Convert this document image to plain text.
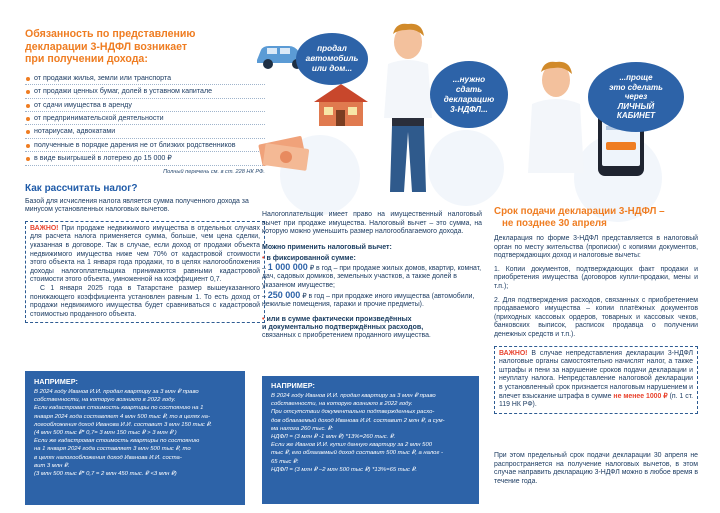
Обязанность по представлению
декларации 3-НДФЛ возникает
при получении дохода:
от продажи жилья, земли или транспорта
от продажи ценных бумаг, долей в уставном капитале
от сдачи имущества в аренду
от предпринимательской деятельности
нотариусам, адвокатами
полученные в порядке дарения не от близких родственников
в виде выигрышей в лотерею до 15 000 ₽
Полный перечень см. в ст. 228 НК РФ.
Как рассчитать налог?

Базой для исчисления налога является сумма полученного дохода за минусом установленных налоговых вычетов.

ВАЖНО! При продаже недвижимого имущества в отдельных случаях для расчета налога применяется сумма, больше, чем цена сделки, указанная в договоре. Так в случае, если доход от продажи объекта недвижимого имущества ниже чем 70% от кадастровой стоимости этого объекта на 1 января года продажи, то в целях налогообложения доходы налогоплательщика принимаются равными кадастровой стоимости этого объекта, умноженной на коэффициент 0,7.

С 1 января 2025 года в Татарстане размер вышеуказанного понижающего коэффициента установлен равным 1. То есть доход от продажи недвижимого имущества будет сравниваться с кадастровой стоимостью проданного объекта.

НАПРИМЕР:

В 2024 году Иванов И.И. продал квартиру за 3 млн ₽ право

собственности, на которую возникло в 2022 году.

Если кадастровая стоимость квартиры по состоянию на 1

января 2024 года составляет 4 млн 500 тыс ₽, то в целях на-

логообложения доход Иванова И.И. составит 3 млн 150 тыс ₽.

(4 млн 500 тыс ₽* 0,7= 3 млн 150 тыс ₽ > 3 млн ₽ )

Если же кадастровая стоимость квартиры по состоянию

на 1 января 2024 года составляет 3 млн 500 тыс ₽, то

в целях налогообложения доход Иванова И.И. соста-

вит 3 млн ₽.

(3 млн 500 тыс ₽* 0,7 = 2 млн 450 тыс. ₽ <3 млн ₽)

продал
автомобиль
или дом...
...нужно
сдать
декларацию
3-НДФЛ...
...проще
это сделать
через
ЛИЧНЫЙ
КАБИНЕТ

Налогоплательщик имеет право на имущественный налоговый вычет при продаже имущества. Налоговый вычет – это сумма, на которую можно уменьшить размер налогооблагаемого дохода.

Можно применить налоговый вычет:
• в фиксированной сумме:

– 1 000 000 ₽ в год – при продаже жилых домов, квартир, комнат, дач, садовых домиков, земельных участков, а также долей в указанном имуществе;

– 250 000 ₽ в год – при продаже иного имущества (автомобили, нежилые помещения, гаражи и прочие предметы).

• или в сумме фактически произведённых
и документально подтверждённых расходов,

связанных с приобретением проданного имущества.

НАПРИМЕР:

В 2024 году Иванов И.И. продал квартиру за 3 млн ₽ право

собственности, на которую возникло в 2022 году.

При отсутствии документально подтвержденных расхо-

дов облагаемый доход Иванова И.И. составит 2 млн ₽, а сум-

ма налога 260 тыс. ₽:

НДФЛ = (3 млн ₽ -1 млн ₽) *13%=260 тыс. ₽.

Если же Иванов И.И. купил данную квартиру за 2 млн 500

тыс ₽, его облагаемый доход составит 500 тыс ₽, а налог -

65 тыс ₽:

НДФЛ = (3 млн ₽ –2 млн 500 тыс ₽) *13%=65 тыс ₽.

Срок подачи декларации 3-НДФЛ –
не позднее 30 апреля

Декларация по форме 3-НДФЛ представляется в налоговый орган по месту жительства (прописки) с копиями документов, подтверждающих доход и налоговые вычеты:

1. Копии документов, подтверждающих факт продажи и приобретения имущества (договоров купли-продажи, мены и т.п.);

2. Для подтверждения расходов, связанных с приобретением продаваемого имущества – копии платёжных документов (приходных кассовых ордеров, товарных и кассовых чеков, банковских выписок, расписок продавца о получении денежных средств и т.п.).

ВАЖНО! В случае непредставления декларации 3-НДФЛ налоговые органы самостоятельно начислят налог, а также штрафы и пени за нарушение сроков подачи декларации и неуплату налога. Непредставление налоговой декларации в установленный срок признается налоговым нарушением и влечет взыскание штрафа в сумме не менее 1000 ₽ (п. 1 ст. 119 НК РФ).

При этом предельный срок подачи декларации 30 апреля не распространяется на получение налоговых вычетов, в этом случае направить декларацию 3-НДФЛ можно в любое время в течение года.
